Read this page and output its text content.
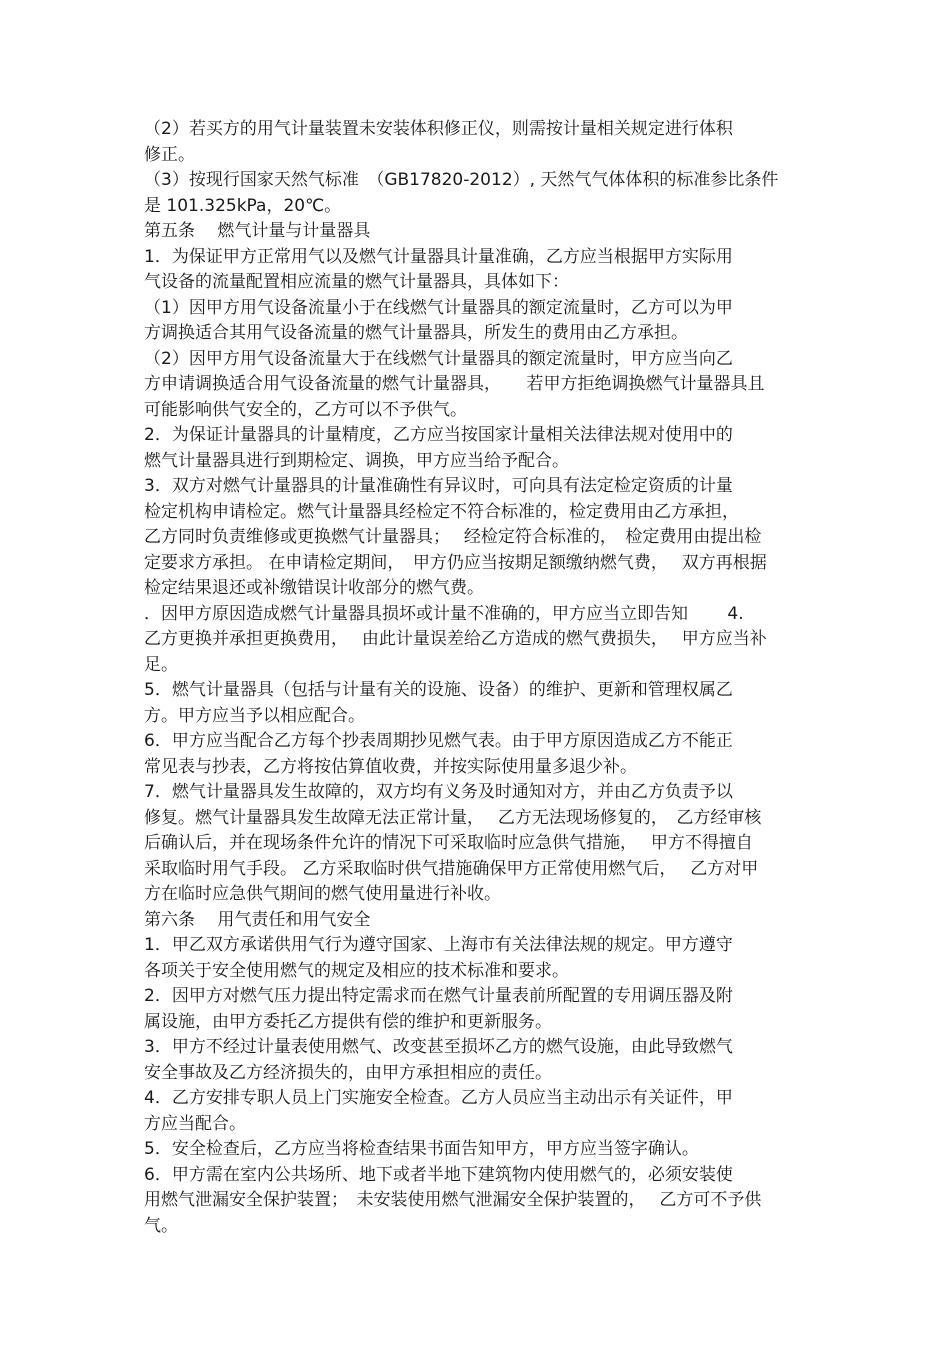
（2）若买方的用气计量装置未安装体积修正仪，则需按计量相关规定进行体积
修正。
（3）按现行国家天然气标准　（GB17820-2012）, 天然气气体体积的标准参比条件
是 101.325kPa，20℃。
第五条　 燃气计量与计量器具
1．为保证甲方正常用气以及燃气计量器具计量准确，乙方应当根据甲方实际用
气设备的流量配置相应流量的燃气计量器具，具体如下：
（1）因甲方用气设备流量小于在线燃气计量器具的额定流量时，乙方可以为甲
方调换适合其用气设备流量的燃气计量器具，所发生的费用由乙方承担。
（2）因甲方用气设备流量大于在线燃气计量器具的额定流量时，甲方应当向乙
方申请调换适合用气设备流量的燃气计量器具，　　若甲方拒绝调换燃气计量器具且
可能影响供气安全的，乙方可以不予供气。
2．为保证计量器具的计量精度，乙方应当按国家计量相关法律法规对使用中的
燃气计量器具进行到期检定、调换，甲方应当给予配合。
3．双方对燃气计量器具的计量准确性有异议时，可向具有法定检定资质的计量
检定机构申请检定。燃气计量器具经检定不符合标准的，检定费用由乙方承担，
乙方同时负责维修或更换燃气计量器具；　 经检定符合标准的，　检定费用由提出检
定要求方承担。 在申请检定期间，　甲方仍应当按期足额缴纳燃气费，　 双方再根据
检定结果退还或补缴错误计收部分的燃气费。
．因甲方原因造成燃气计量器具损坏或计量不准确的，甲方应当立即告知　　 4.
乙方更换并承担更换费用，　 由此计量误差给乙方造成的燃气费损失，　 甲方应当补
足。
5．燃气计量器具（包括与计量有关的设施、设备）的维护、更新和管理权属乙
方。甲方应当予以相应配合。
6．甲方应当配合乙方每个抄表周期抄见燃气表。由于甲方原因造成乙方不能正
常见表与抄表，乙方将按估算值收费，并按实际使用量多退少补。
7．燃气计量器具发生故障的，双方均有义务及时通知对方，并由乙方负责予以
修复。燃气计量器具发生故障无法正常计量，　 乙方无法现场修复的，　乙方经审核
后确认后，并在现场条件允许的情况下可采取临时应急供气措施，　 甲方不得擅自
采取临时用气手段。 乙方采取临时供气措施确保甲方正常使用燃气后，　 乙方对甲
方在临时应急供气期间的燃气使用量进行补收。
第六条　 用气责任和用气安全
1．甲乙双方承诺供用气行为遵守国家、上海市有关法律法规的规定。甲方遵守
各项关于安全使用燃气的规定及相应的技术标准和要求。
2．因甲方对燃气压力提出特定需求而在燃气计量表前所配置的专用调压器及附
属设施，由甲方委托乙方提供有偿的维护和更新服务。
3．甲方不经过计量表使用燃气、改变甚至损坏乙方的燃气设施，由此导致燃气
安全事故及乙方经济损失的，由甲方承担相应的责任。
4．乙方安排专职人员上门实施安全检查。乙方人员应当主动出示有关证件，甲
方应当配合。
5．安全检查后，乙方应当将检查结果书面告知甲方，甲方应当签字确认。
6．甲方需在室内公共场所、地下或者半地下建筑物内使用燃气的，必须安装使
用燃气泄漏安全保护装置；　未安装使用燃气泄漏安全保护装置的，　 乙方可不予供
气。
